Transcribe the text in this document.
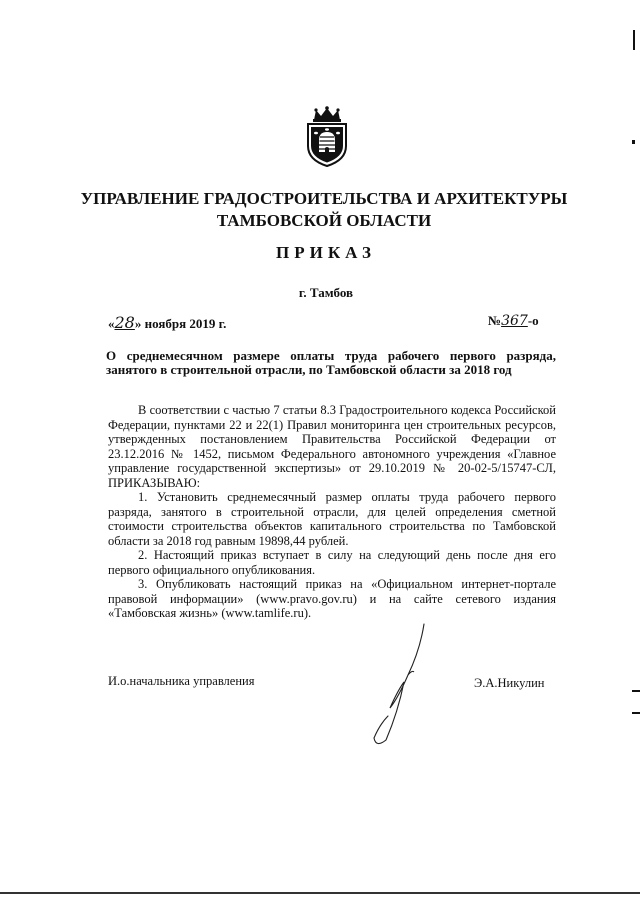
УПРАВЛЕНИЕ ГРАДОСТРОИТЕЛЬСТВА И АРХИТЕКТУРЫ
ТАМБОВСКОЙ ОБЛАСТИ
ПРИКАЗ
г. Тамбов
«28» ноября 2019 г.	№367-о
О среднемесячном размере оплаты труда рабочего первого разряда, занятого в строительной отрасли, по Тамбовской области за 2018 год

В соответствии с частью 7 статьи 8.3 Градостроительного кодекса Российской Федерации, пунктами 22 и 22(1) Правил мониторинга цен строительных ресурсов, утвержденных постановлением Правительства Российской Федерации от 23.12.2016 № 1452, письмом Федерального автономного учреждения «Главное управление государственной экспертизы» от 29.10.2019 № 20-02-5/15747-СЛ, ПРИКАЗЫВАЮ:

1. Установить среднемесячный размер оплаты труда рабочего первого разряда, занятого в строительной отрасли, для целей определения сметной стоимости строительства объектов капитального строительства по Тамбовской области за 2018 год равным 19898,44 рублей.

2. Настоящий приказ вступает в силу на следующий день после дня его первого официального опубликования.

3. Опубликовать настоящий приказ на «Официальном интернет-портале правовой информации» (www.pravo.gov.ru) и на сайте сетевого издания «Тамбовская жизнь» (www.tamlife.ru).

И.о.начальника управления	Э.А.Никулин
